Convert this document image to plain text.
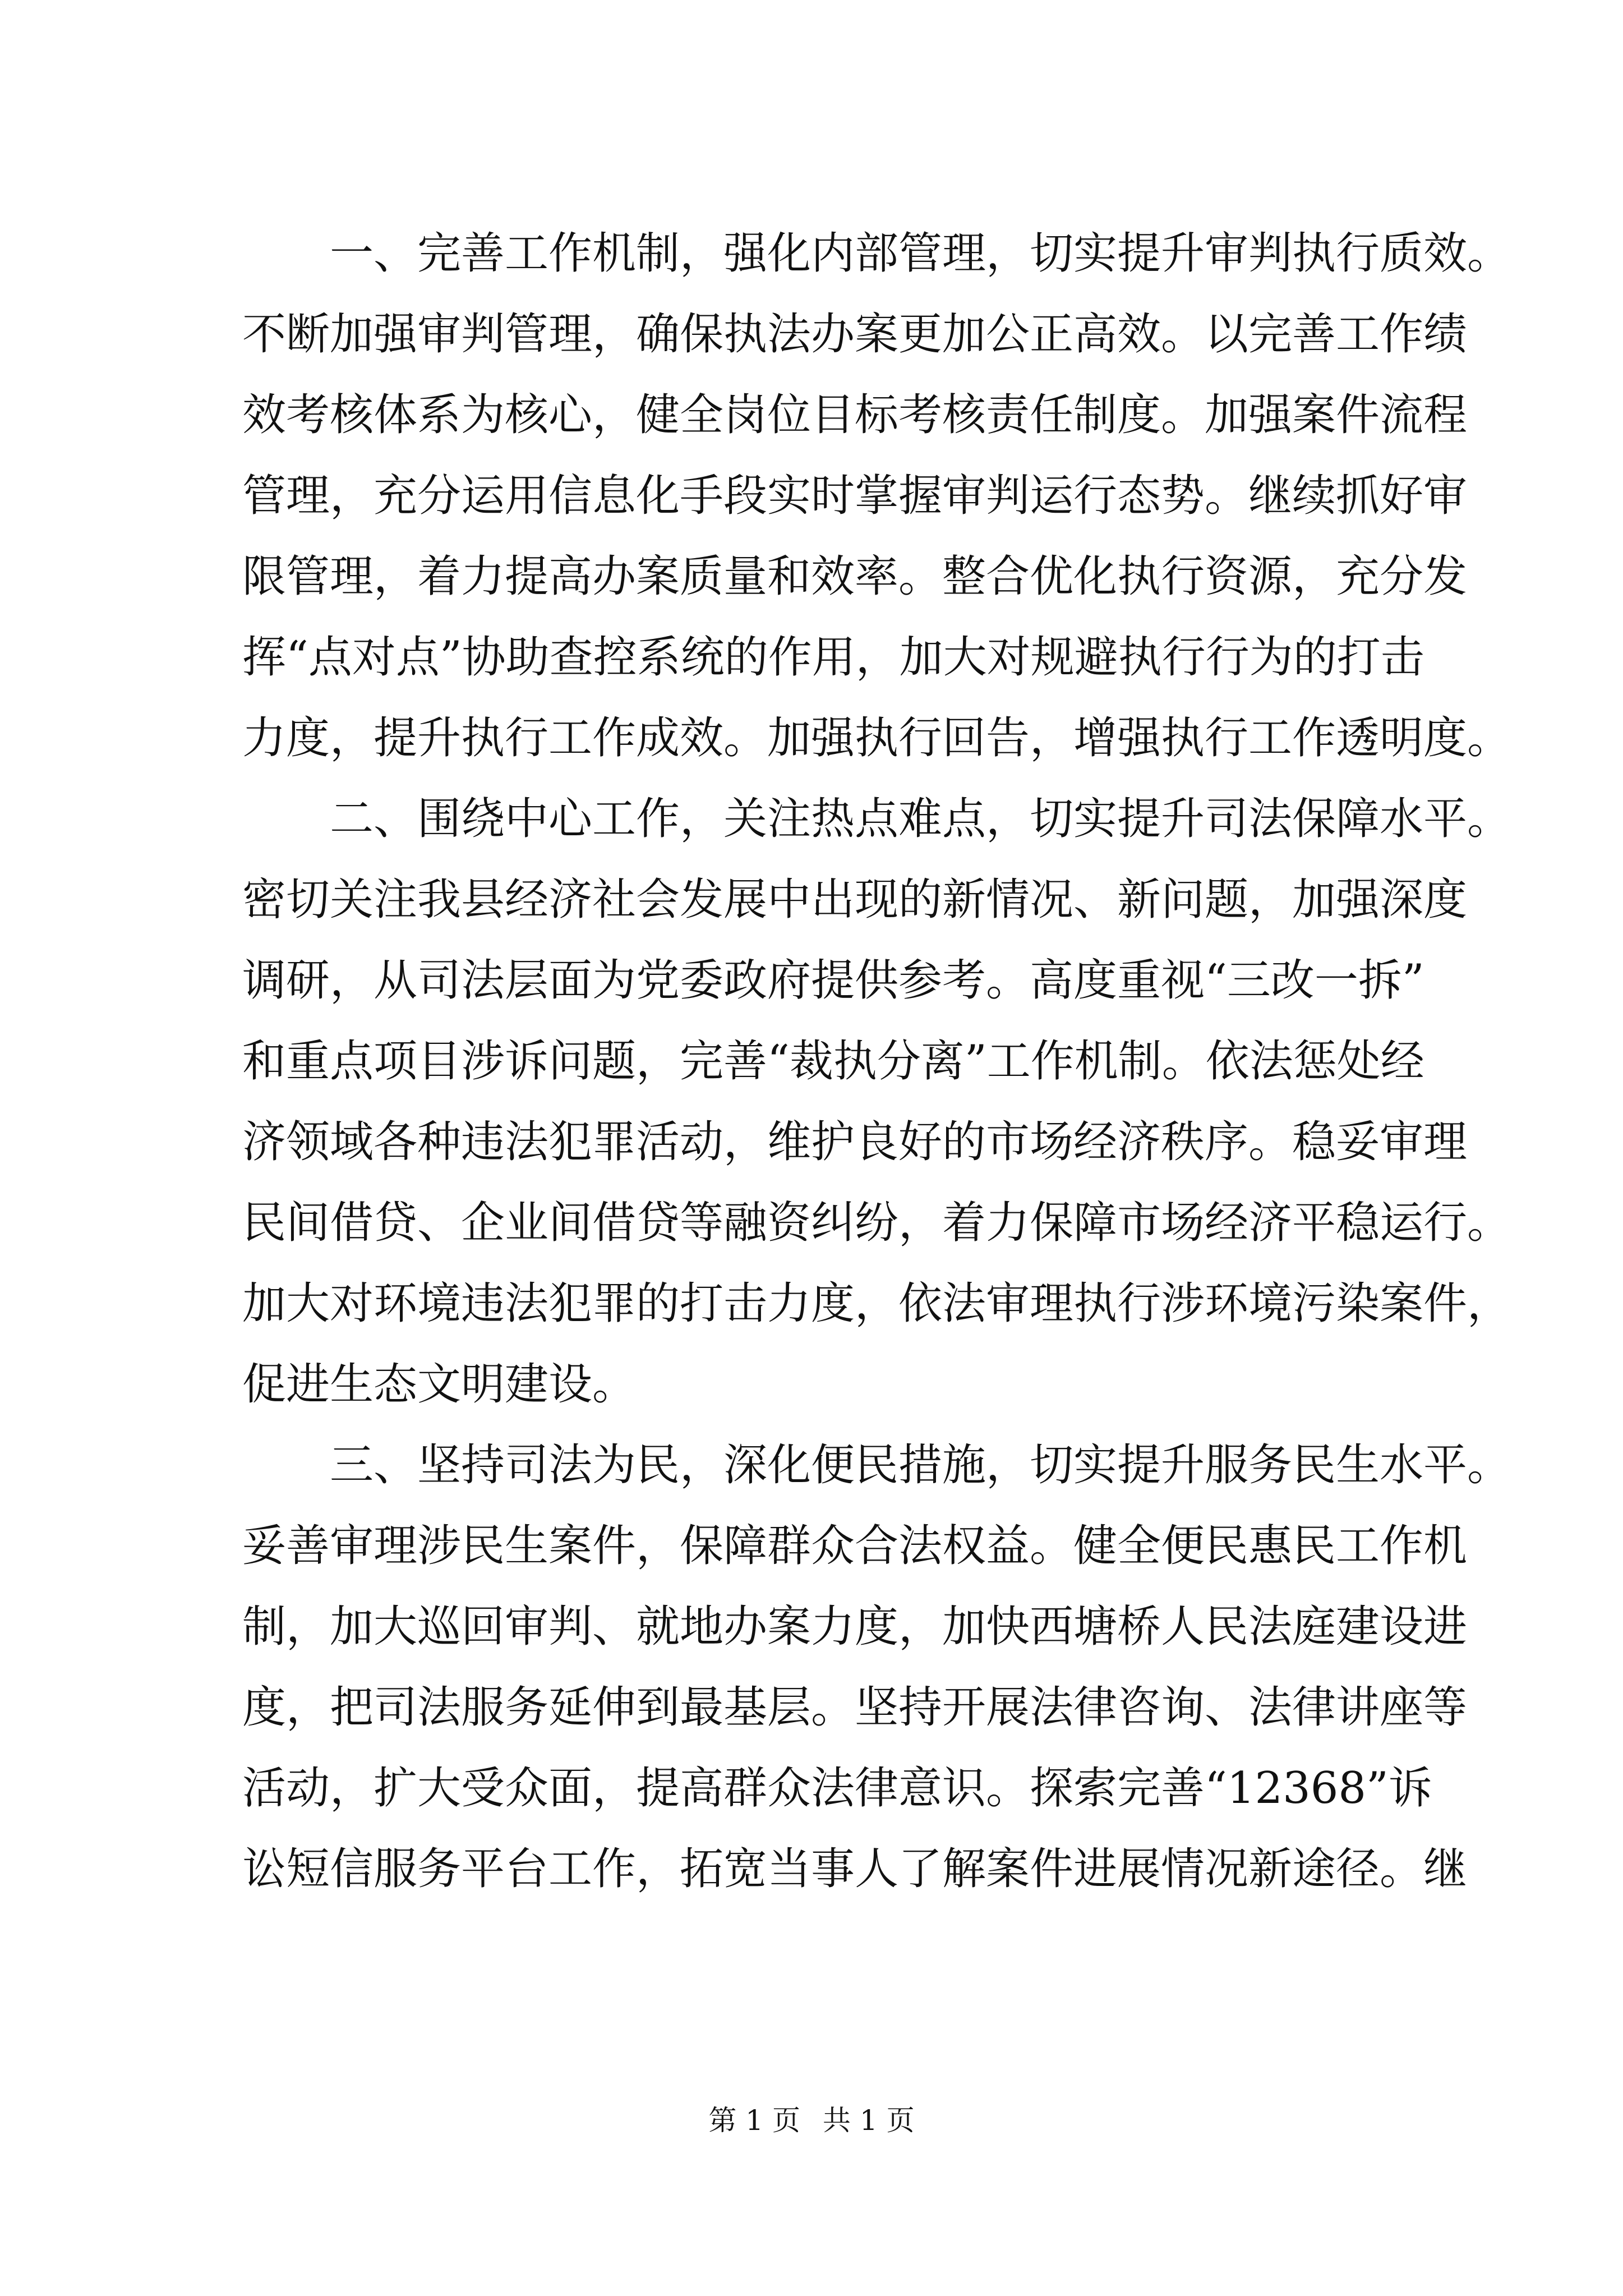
一、完善工作机制，强化内部管理，切实提升审判执行质效。
不断加强审判管理，确保执法办案更加公正高效。以完善工作绩
效考核体系为核心，健全岗位目标考核责任制度。加强案件流程
管理，充分运用信息化手段实时掌握审判运行态势。继续抓好审
限管理，着力提高办案质量和效率。整合优化执行资源，充分发
挥“点对点”协助查控系统的作用，加大对规避执行行为的打击
力度，提升执行工作成效。加强执行回告，增强执行工作透明度。
二、围绕中心工作，关注热点难点，切实提升司法保障水平。
密切关注我县经济社会发展中出现的新情况、新问题，加强深度
调研，从司法层面为党委政府提供参考。高度重视“三改一拆”
和重点项目涉诉问题，完善“裁执分离”工作机制。依法惩处经
济领域各种违法犯罪活动，维护良好的市场经济秩序。稳妥审理
民间借贷、企业间借贷等融资纠纷，着力保障市场经济平稳运行。
加大对环境违法犯罪的打击力度，依法审理执行涉环境污染案件，
促进生态文明建设。
三、坚持司法为民，深化便民措施，切实提升服务民生水平。
妥善审理涉民生案件，保障群众合法权益。健全便民惠民工作机
制，加大巡回审判、就地办案力度，加快西塘桥人民法庭建设进
度，把司法服务延伸到最基层。坚持开展法律咨询、法律讲座等
活动，扩大受众面，提高群众法律意识。探索完善“12368”诉
讼短信服务平台工作，拓宽当事人了解案件进展情况新途径。继
第 1 页 共 1 页
